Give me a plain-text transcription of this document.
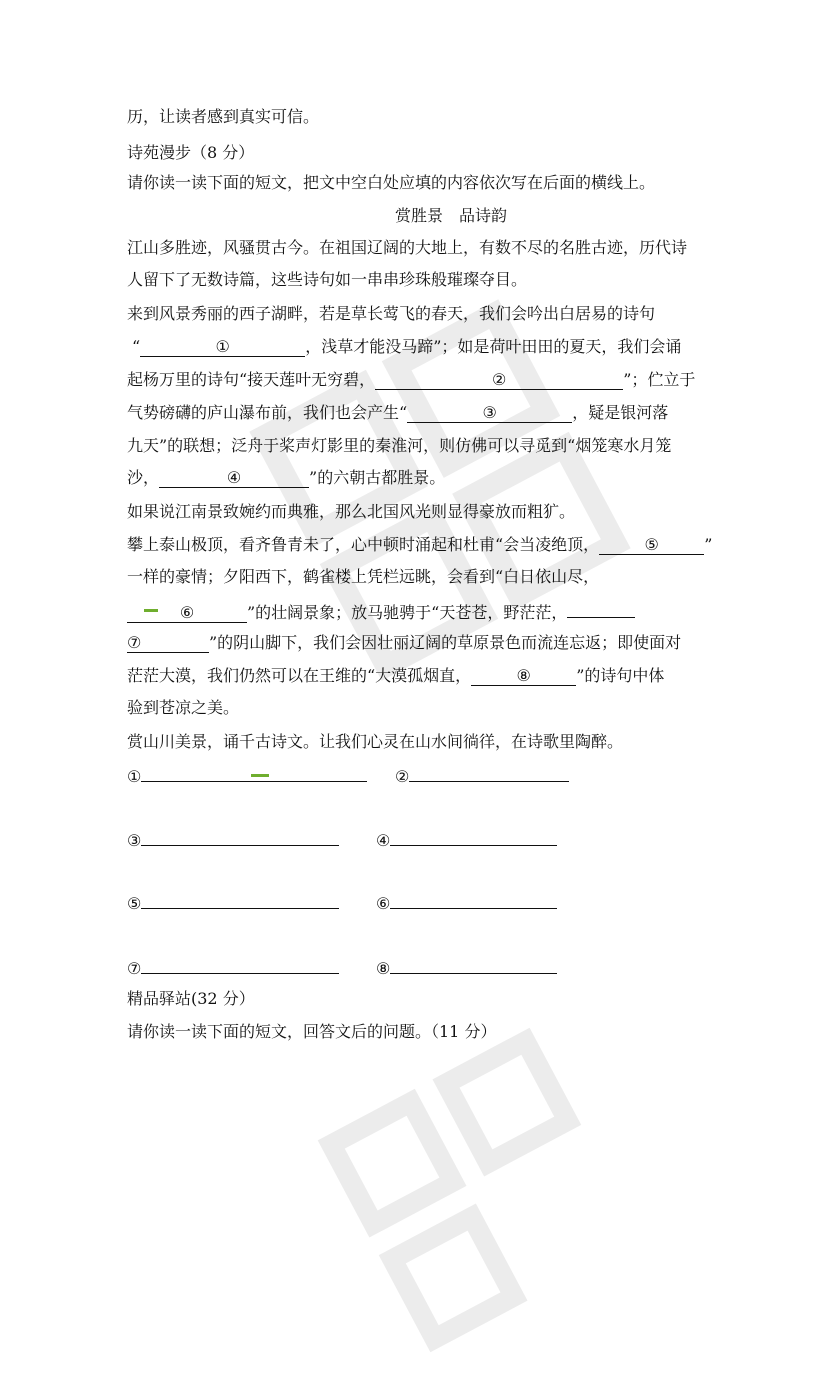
历，让读者感到真实可信。
诗苑漫步（8 分）
请你读一读下面的短文，把文中空白处应填的内容依次写在后面的横线上。
赏胜景　品诗韵
江山多胜迹，风骚贯古今。在祖国辽阔的大地上，有数不尽的名胜古迹，历代诗
人留下了无数诗篇，这些诗句如一串串珍珠般璀璨夺目。
来到风景秀丽的西子湖畔，若是草长莺飞的春天，我们会吟出白居易的诗句
“	①	，浅草才能没马蹄”；如是荷叶田田的夏天，我们会诵
起杨万里的诗句“接天莲叶无穷碧，	②	”；伫立于
气势磅礴的庐山瀑布前，我们也会产生“	③	，疑是银河落
九天”的联想；泛舟于桨声灯影里的秦淮河，则仿佛可以寻觅到“烟笼寒水月笼
沙，	④	”的六朝古都胜景。
如果说江南景致婉约而典雅，那么北国风光则显得豪放而粗犷。
攀上泰山极顶，看齐鲁青未了，心中顿时涌起和杜甫“会当凌绝顶，	⑤	”
一样的豪情；夕阳西下，鹤雀楼上凭栏远眺，会看到“白日依山尽，
⑥	”的壮阔景象；放马驰骋于“天苍苍，野茫茫，
⑦	”的阴山脚下，我们会因壮丽辽阔的草原景色而流连忘返；即使面对
茫茫大漠，我们仍然可以在王维的“大漠孤烟直，	⑧	”的诗句中体
验到苍凉之美。
赏山川美景，诵千古诗文。让我们心灵在山水间徜徉，在诗歌里陶醉。
①	②
③	④
⑤	⑥
⑦	⑧
精品驿站(32 分）
请你读一读下面的短文，回答文后的问题。（11 分）
